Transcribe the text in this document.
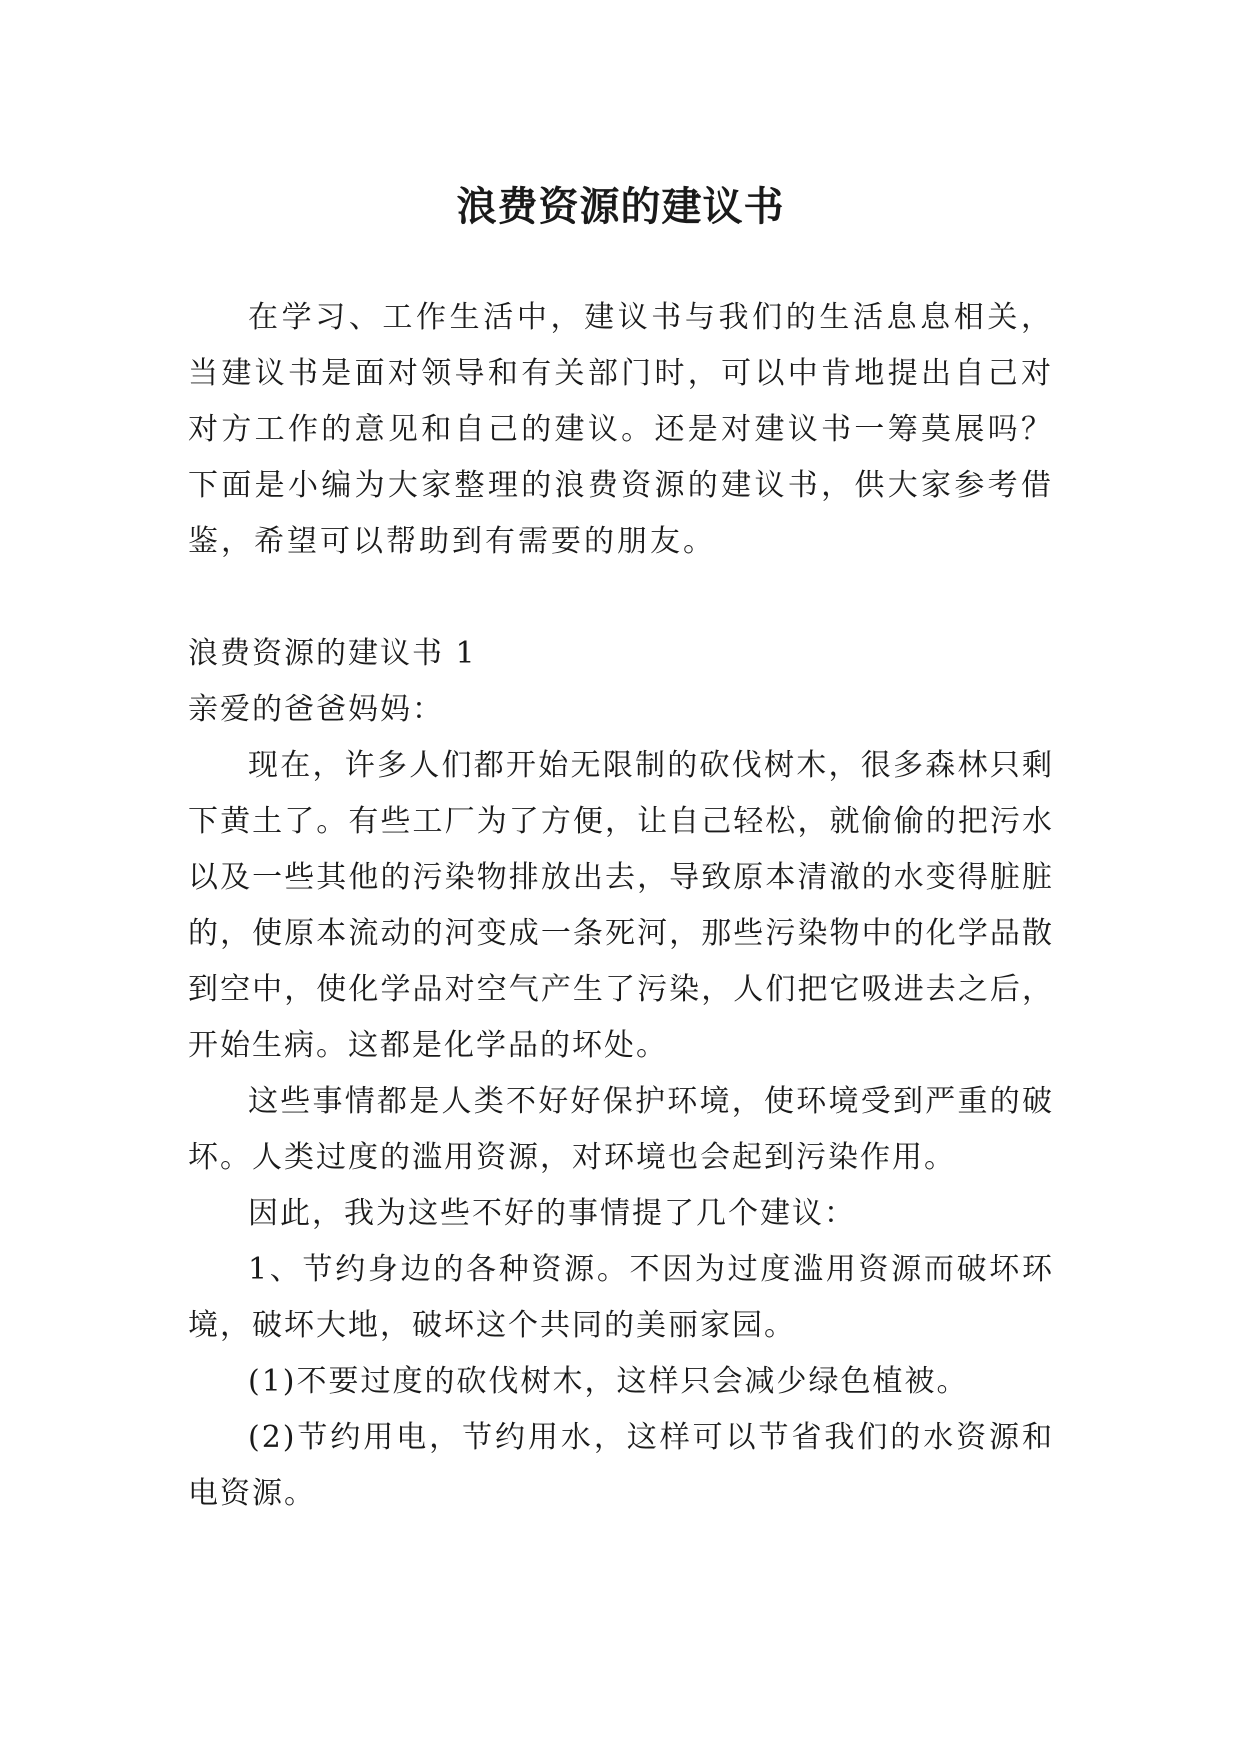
浪费资源的建议书

在学习、工作生活中，建议书与我们的生活息息相关，当建议书是面对领导和有关部门时，可以中肯地提出自己对对方工作的意见和自己的建议。还是对建议书一筹莫展吗？下面是小编为大家整理的浪费资源的建议书，供大家参考借鉴，希望可以帮助到有需要的朋友。

浪费资源的建议书 1

亲爱的爸爸妈妈：

现在，许多人们都开始无限制的砍伐树木，很多森林只剩下黄土了。有些工厂为了方便，让自己轻松，就偷偷的把污水以及一些其他的污染物排放出去，导致原本清澈的水变得脏脏的，使原本流动的河变成一条死河，那些污染物中的化学品散到空中，使化学品对空气产生了污染，人们把它吸进去之后，开始生病。这都是化学品的坏处。

这些事情都是人类不好好保护环境，使环境受到严重的破坏。人类过度的滥用资源，对环境也会起到污染作用。

因此，我为这些不好的事情提了几个建议：

1、节约身边的各种资源。不因为过度滥用资源而破坏环境，破坏大地，破坏这个共同的美丽家园。

(1)不要过度的砍伐树木，这样只会减少绿色植被。

(2)节约用电，节约用水，这样可以节省我们的水资源和电资源。
